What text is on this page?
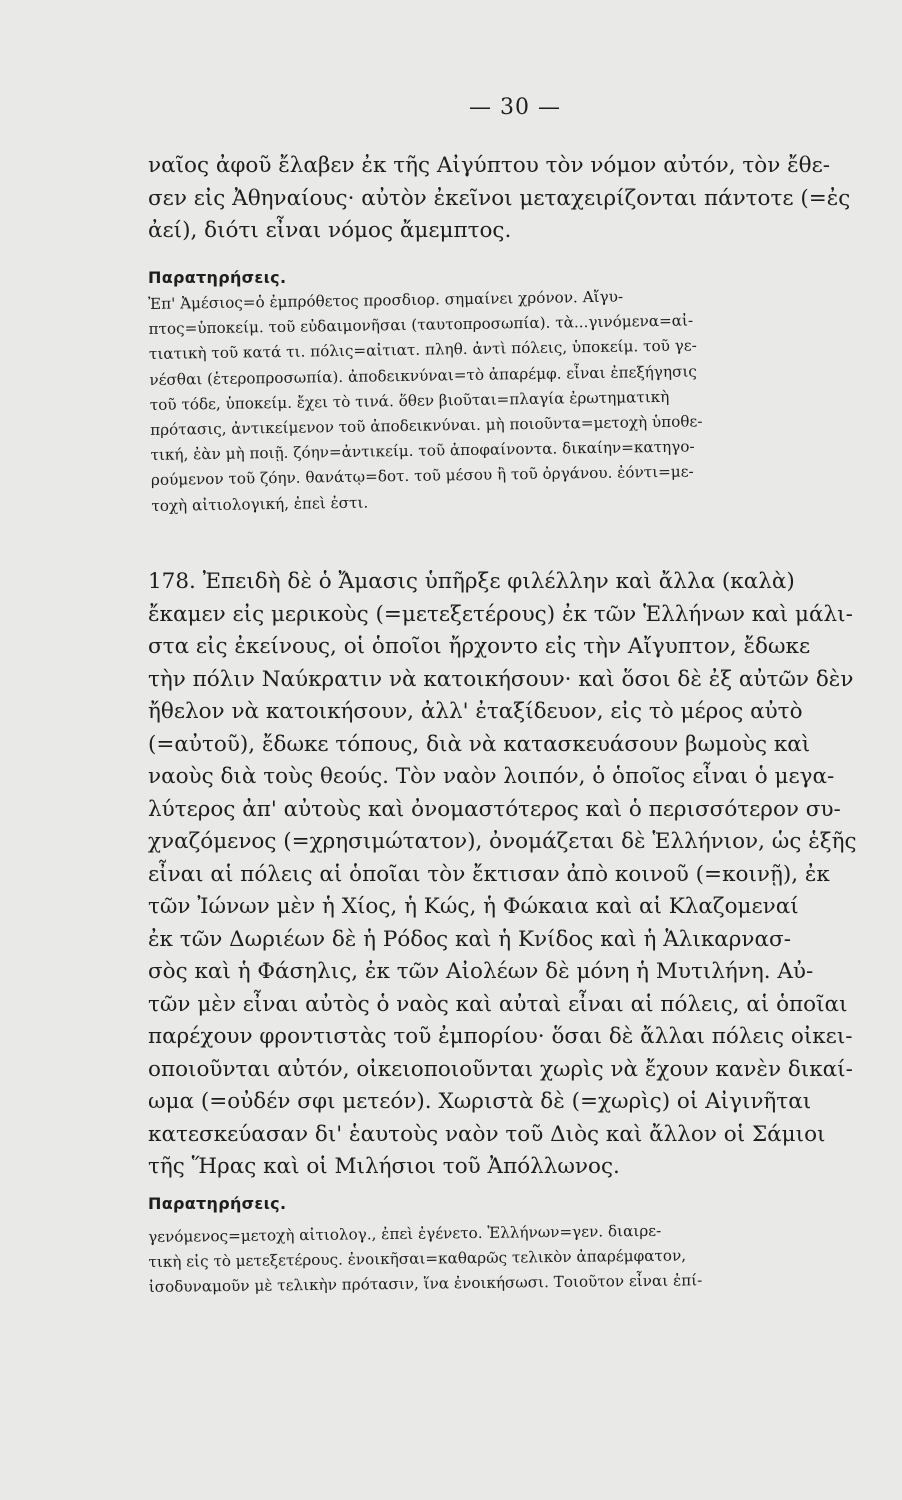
— 30 —
ναῖος ἀφοῦ ἔλαβεν ἐκ τῆς Αἰγύπτου τὸν νόμον αὐτόν, τὸν ἔθε-
σεν εἰς Ἀθηναίους· αὐτὸν ἐκεῖνοι μεταχειρίζονται πάντοτε (=ἐς
ἀεί), διότι εἶναι νόμος ἄμεμπτος.
Παρατηρήσεις.
Ἐπ' Ἀμέσιος=ὁ ἐμπρόθετος προσδιορ. σημαίνει χρόνον. Αἴγυ-
πτος=ὑποκείμ. τοῦ εὐδαιμονῆσαι (ταυτοπροσωπία). τὰ...γινόμενα=αἰ-
τιατικὴ τοῦ κατά τι. πόλις=αἰτιατ. πληθ. ἀντὶ πόλεις, ὑποκείμ. τοῦ γε-
νέσθαι (ἑτεροπροσωπία). ἀποδεικνύναι=τὸ ἀπαρέμφ. εἶναι ἐπεξήγησις
τοῦ τόδε, ὑποκείμ. ἔχει τὸ τινά. ὅθεν βιοῦται=πλαγία ἐρωτηματικὴ
πρότασις, ἀντικείμενον τοῦ ἀποδεικνύναι. μὴ ποιοῦντα=μετοχὴ ὑποθε-
τική, ἐὰν μὴ ποιῇ. ζόην=ἀντικείμ. τοῦ ἀποφαίνοντα. δικαίην=κατηγο-
ρούμενον τοῦ ζόην. θανάτῳ=δοτ. τοῦ μέσου ἢ τοῦ ὀργάνου. ἐόντι=με-
τοχὴ αἰτιολογική, ἐπεὶ ἐστι.
178. Ἐπειδὴ δὲ ὁ Ἄμασις ὑπῆρξε φιλέλλην καὶ ἄλλα (καλὰ)
ἔκαμεν εἰς μερικοὺς (=μετεξετέρους) ἐκ τῶν Ἑλλήνων καὶ μάλι-
στα εἰς ἐκείνους, οἱ ὁποῖοι ἤρχοντο εἰς τὴν Αἴγυπτον, ἔδωκε
τὴν πόλιν Ναύκρατιν νὰ κατοικήσουν· καὶ ὅσοι δὲ ἐξ αὐτῶν δὲν
ἤθελον νὰ κατοικήσουν, ἀλλ' ἐταξίδευον, εἰς τὸ μέρος αὐτὸ
(=αὐτοῦ), ἔδωκε τόπους, διὰ νὰ κατασκευάσουν βωμοὺς καὶ
ναοὺς διὰ τοὺς θεούς. Τὸν ναὸν λοιπόν, ὁ ὁποῖος εἶναι ὁ μεγα-
λύτερος ἀπ' αὐτοὺς καὶ ὀνομαστότερος καὶ ὁ περισσότερον συ-
χναζόμενος (=χρησιμώτατον), ὀνομάζεται δὲ Ἑλλήνιον, ὡς ἑξῆς
εἶναι αἱ πόλεις αἱ ὁποῖαι τὸν ἔκτισαν ἀπὸ κοινοῦ (=κοινῇ), ἐκ
τῶν Ἰώνων μὲν ἡ Χίος, ἡ Κώς, ἡ Φώκαια καὶ αἱ Κλαζομεναί
ἐκ τῶν Δωριέων δὲ ἡ Ρόδος καὶ ἡ Κνίδος καὶ ἡ Ἁλικαρνασ-
σὸς καὶ ἡ Φάσηλις, ἐκ τῶν Αἰολέων δὲ μόνη ἡ Μυτιλήνη. Αὐ-
τῶν μὲν εἶναι αὐτὸς ὁ ναὸς καὶ αὐταὶ εἶναι αἱ πόλεις, αἱ ὁποῖαι
παρέχουν φροντιστὰς τοῦ ἐμπορίου· ὅσαι δὲ ἄλλαι πόλεις οἰκει-
οποιοῦνται αὐτόν, οἰκειοποιοῦνται χωρὶς νὰ ἔχουν κανὲν δικαί-
ωμα (=οὐδέν σφι μετεόν). Χωριστὰ δὲ (=χωρὶς) οἱ Αἰγινῆται
κατεσκεύασαν δι' ἑαυτοὺς ναὸν τοῦ Διὸς καὶ ἄλλον οἱ Σάμιοι
τῆς Ἥρας καὶ οἱ Μιλήσιοι τοῦ Ἀπόλλωνος.
Παρατηρήσεις.
γενόμενος=μετοχὴ αἰτιολογ., ἐπεὶ ἐγένετο. Ἑλλήνων=γεν. διαιρε-
τικὴ εἰς τὸ μετεξετέρους. ἐνοικῆσαι=καθαρῶς τελικὸν ἀπαρέμφατον,
ἰσοδυναμοῦν μὲ τελικὴν πρότασιν, ἵνα ἐνοικήσωσι. Τοιοῦτον εἶναι ἐπί-
